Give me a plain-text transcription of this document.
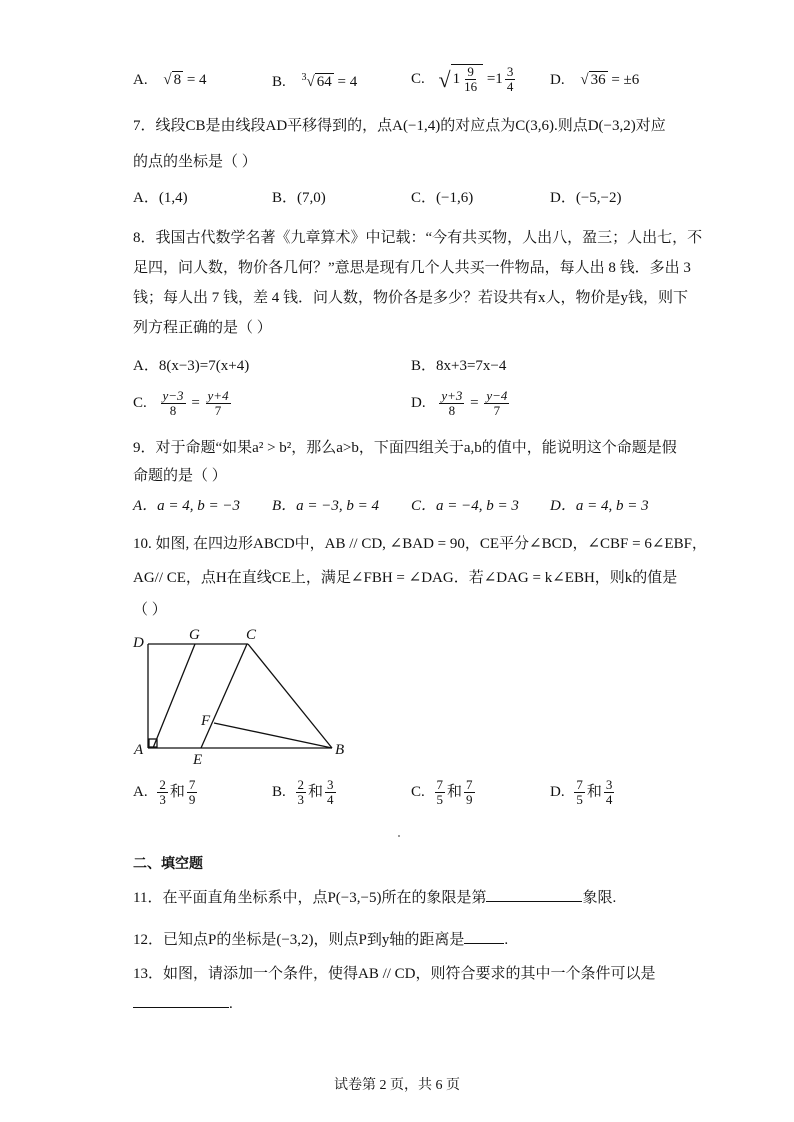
A. √ 8 = 4	B. $^3$√ 64 = 4	C. √ $1 \frac{9}{16} =1 \frac{3}{4} D$. √ 36 = ±6
7．线段CB是由线段AD平移得到的，点A(−1,4)的对应点为C(3,6).则点D(−3,2)对应
的点的坐标是（ ）
A．(1,4)	B．(7,0)	C．(−1,6)	D．(−5,−2)
8．我国古代数学名著《九章算术》中记载：“今有共买物，人出八，盈三；人出七，不
足四，问人数，物价各几何？”意思是现有几个人共买一件物品，每人出 8 钱．多出 3
钱；每人出 7 钱，差 4 钱．问人数，物价各是多少？若设共有x人，物价是y钱，则下
列方程正确的是（ ）
A．8(x−3)=7(x+4)	B．8x+3=7x−4
C. $\frac{y-3}{8} = \frac{y+4}{7}$	D. $\frac{y+3}{8} = \frac{y-4}{7}$
9．对于命题“如果a² > b²，那么a>b，下面四组关于a,b的值中，能说明这个命题是假
命题的是（ ）
A．a = 4, b = −3 B．a = −3, b = 4 C．a = −4, b = 3 D．a = 4, b = 3
10. 如图, 在四边形ABCD中，AB // CD, ∠BAD = 90，CE平分∠BCD，∠CBF = 6∠EBF，
AG// CE，点H在直线CE上，满足∠FBH = ∠DAG．若∠DAG = k∠EBH，则k的值是
（ ）
D	G	C
F
A
E
B
A. $\frac{2}{3}$ 和 $\frac{7}{9}$	B. $\frac{2}{3}$ 和 $\frac{3}{4}$	C. $\frac{7}{5}$ 和 $\frac{7}{9}$	D. $\frac{7}{5}$ 和 $\frac{3}{4}$
二、填空题
11．在平面直角坐标系中，点P(−3,−5)所在的象限是第	象限.
12．已知点P的坐标是(−3,2)，则点P到y轴的距离是	.
13．如图，请添加一个条件，使得AB // CD，则符合要求的其中一个条件可以是
.
试卷第 2 页，共 6 页
